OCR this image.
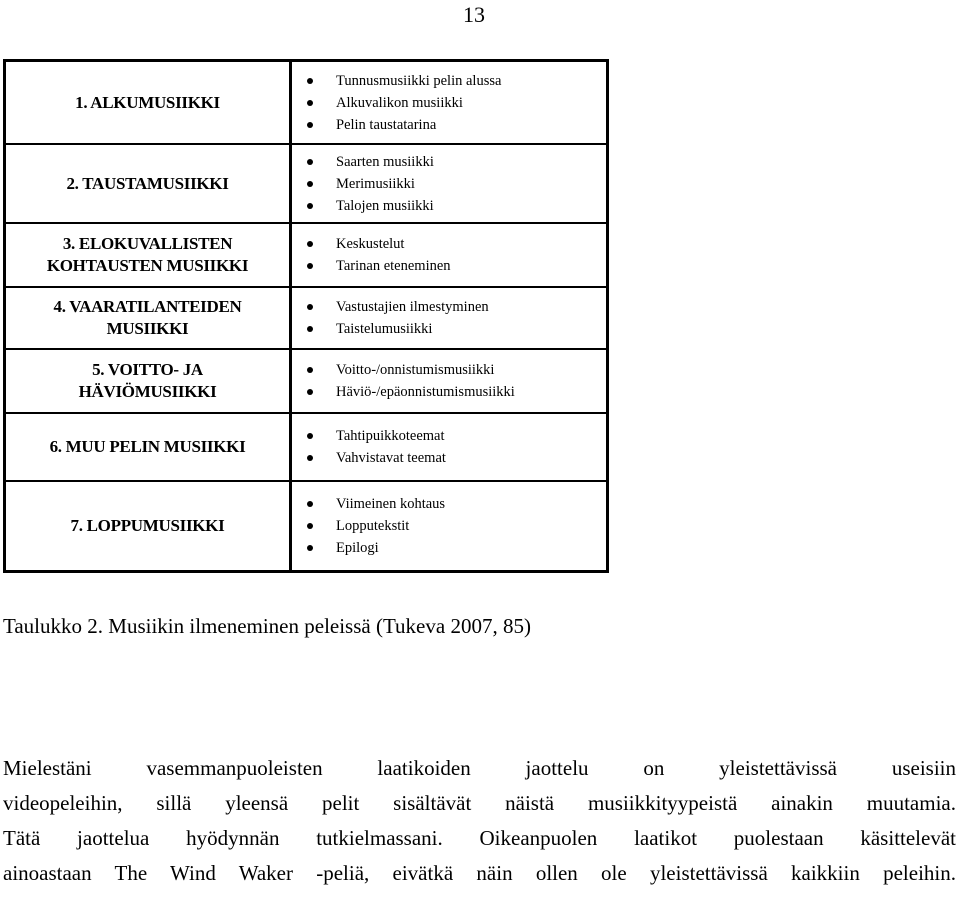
13
1. ALKUMUSIIKKI
2. TAUSTAMUSIIKKI
3. ELOKUVALLISTEN
KOHTAUSTEN MUSIIKKI
4. VAARATILANTEIDEN
MUSIIKKI
5. VOITTO- JA
HÄVIÖMUSIIKKI
6. MUU PELIN MUSIIKKI
7. LOPPUMUSIIKKI
Tunnusmusiikki pelin alussa
Alkuvalikon musiikki
Pelin taustatarina
Saarten musiikki
Merimusiikki
Talojen musiikki
Keskustelut
Tarinan eteneminen
Vastustajien ilmestyminen
Taistelumusiikki
Voitto-/onnistumismusiikki
Häviö-/epäonnistumismusiikki
Tahtipuikkoteemat
Vahvistavat teemat
Viimeinen kohtaus
Lopputekstit
Epilogi
Taulukko 2. Musiikin ilmeneminen peleissä (Tukeva 2007, 85)
Mielestäni vasemmanpuoleisten laatikoiden jaottelu on yleistettävissä useisiin
videopeleihin, sillä yleensä pelit sisältävät näistä musiikkityypeistä ainakin muutamia.
Tätä jaottelua hyödynnän tutkielmassani. Oikeanpuolen laatikot puolestaan käsittelevät
ainoastaan The Wind Waker -peliä, eivätkä näin ollen ole yleistettävissä kaikkiin peleihin.
